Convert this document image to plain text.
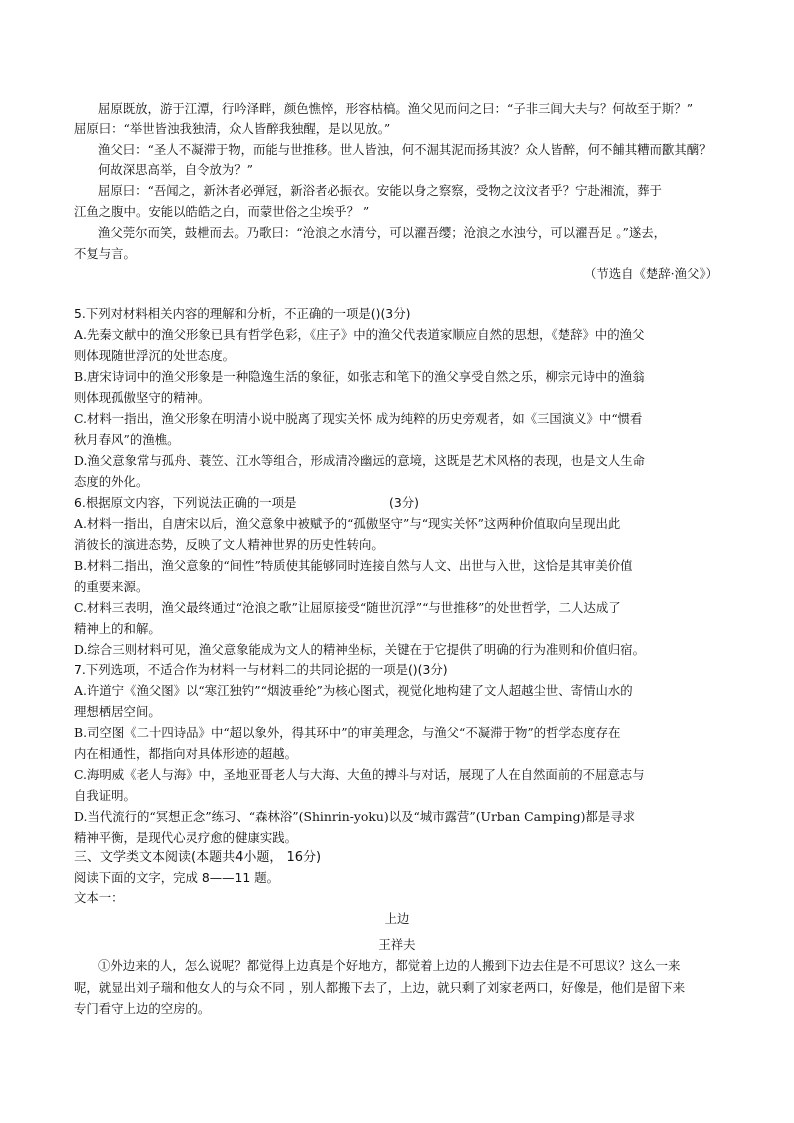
屈原既放，游于江潭，行吟泽畔，颜色憔悴，形容枯槁。渔父见而问之曰：“子非三闾大夫与？何故至于斯？”
屈原曰：“举世皆浊我独清，众人皆醉我独醒，是以见放。”
渔父曰：“圣人不凝滞于物，而能与世推移。世人皆浊，何不淈其泥而扬其波？众人皆醉，何不餔其糟而歠其醨？
何故深思高举，自令放为？”
屈原曰：“吾闻之，新沐者必弹冠，新浴者必振衣。安能以身之察察，受物之汶汶者乎？宁赴湘流，葬于
江鱼之腹中。安能以皓皓之白，而蒙世俗之尘埃乎？ ”
渔父莞尔而笑，鼓枻而去。乃歌曰：“沧浪之水清兮，可以濯吾缨；沧浪之水浊兮，可以濯吾足 。”遂去，
不复与言。
（节选自《楚辞·渔父》）
5.下列对材料相关内容的理解和分析，不正确的一项是()(3分)
A.先秦文献中的渔父形象已具有哲学色彩，《庄子》中的渔父代表道家顺应自然的思想，《楚辞》中的渔父
则体现随世浮沉的处世态度。
B.唐宋诗词中的渔父形象是一种隐逸生活的象征，如张志和笔下的渔父享受自然之乐，柳宗元诗中的渔翁
则体现孤傲坚守的精神。
C.材料一指出，渔父形象在明清小说中脱离了现实关怀 成为纯粹的历史旁观者，如《三国演义》中“惯看
秋月春风”的渔樵。
D.渔父意象常与孤舟、蓑笠、江水等组合，形成清冷幽远的意境，这既是艺术风格的表现，也是文人生命
态度的外化。
6.根据原文内容，下列说法正确的一项是	(3分)
A.材料一指出，自唐宋以后，渔父意象中被赋予的“孤傲坚守”与“现实关怀”这两种价值取向呈现出此
消彼长的演进态势，反映了文人精神世界的历史性转向。
B.材料二指出，渔父意象的“间性”特质使其能够同时连接自然与人文、出世与入世，这恰是其审美价值
的重要来源。
C.材料三表明，渔父最终通过“沧浪之歌”让屈原接受“随世沉浮”“与世推移”的处世哲学，二人达成了
精神上的和解。
D.综合三则材料可见，渔父意象能成为文人的精神坐标，关键在于它提供了明确的行为准则和价值归宿。
7.下列选项，不适合作为材料一与材料二的共同论据的一项是()(3分)
A.许道宁《渔父图》以“寒江独钓”“烟波垂纶”为核心图式，视觉化地构建了文人超越尘世、寄情山水的
理想栖居空间。
B.司空图《二十四诗品》中“超以象外，得其环中”的审美理念，与渔父“不凝滞于物”的哲学态度存在
内在相通性，都指向对具体形迹的超越。
C.海明威《老人与海》中，圣地亚哥老人与大海、大鱼的搏斗与对话，展现了人在自然面前的不屈意志与
自我证明。
D.当代流行的“冥想正念”练习、“森林浴”(Shinrin-yoku)以及“城市露营”(Urban Camping)都是寻求
精神平衡，是现代心灵疗愈的健康实践。
三、文学类文本阅读(本题共4小题， 16分)
阅读下面的文字，完成 8——11 题。
文本一：
上边
王祥夫
①外边来的人，怎么说呢？都觉得上边真是个好地方，都觉着上边的人搬到下边去住是不可思议？这么一来
呢，就显出刘子瑞和他女人的与众不同 ，别人都搬下去了，上边，就只剩了刘家老两口，好像是，他们是留下来
专门看守上边的空房的。
